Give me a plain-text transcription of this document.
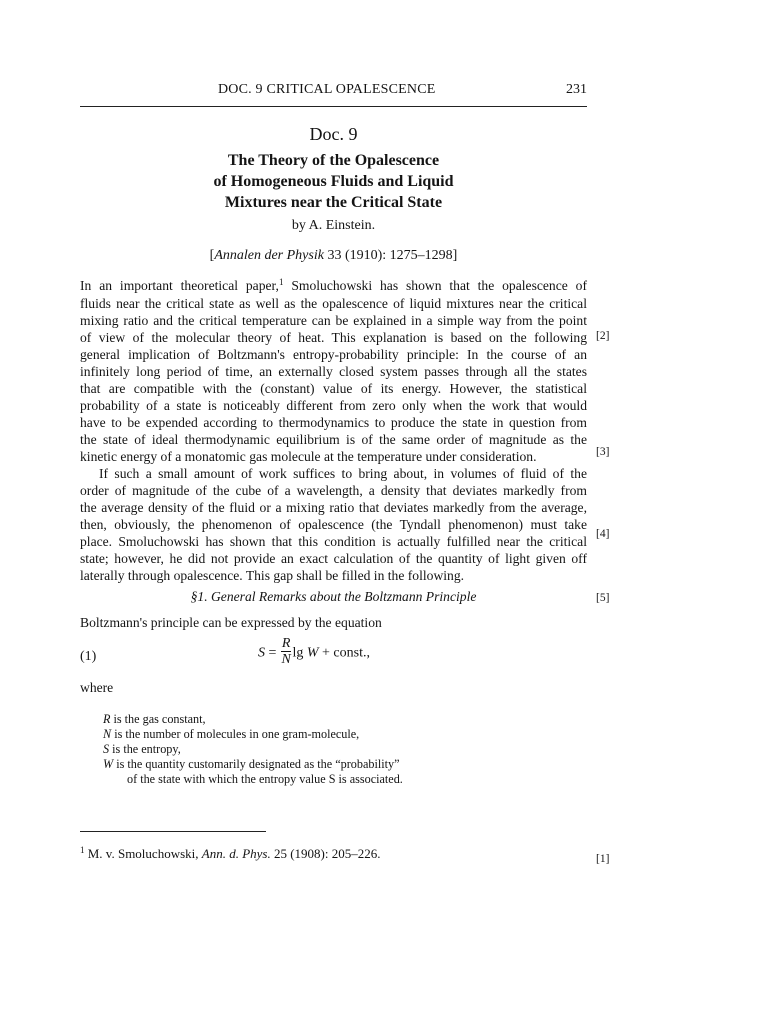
DOC. 9 CRITICAL OPALESCENCE	231
Doc. 9
The Theory of the Opalescence
of Homogeneous Fluids and Liquid
Mixtures near the Critical State
by A. Einstein.
[Annalen der Physik 33 (1910): 1275–1298]
In an important theoretical paper,$^1$ Smoluchowski has shown that the opalescence of
fluids near the critical state as well as the opalescence of liquid mixtures near the critical
mixing ratio and the critical temperature can be explained in a simple way from the point
of view of the molecular theory of heat. This explanation is based on the following
general implication of Boltzmann's entropy-probability principle: In the course of an
infinitely long period of time, an externally closed system passes through all the states
that are compatible with the (constant) value of its energy. However, the statistical
probability of a state is noticeably different from zero only when the work that would
have to be expended according to thermodynamics to produce the state in question from
the state of ideal thermodynamic equilibrium is of the same order of magnitude as the
kinetic energy of a monatomic gas molecule at the temperature under consideration.
If such a small amount of work suffices to bring about, in volumes of fluid of the
order of magnitude of the cube of a wavelength, a density that deviates markedly from
the average density of the fluid or a mixing ratio that deviates markedly from the average,
then, obviously, the phenomenon of opalescence (the Tyndall phenomenon) must take
place. Smoluchowski has shown that this condition is actually fulfilled near the critical
state; however, he did not provide an exact calculation of the quantity of light given off
laterally through opalescence. This gap shall be filled in the following.
[2]
[3]
[4]
[5]
[1]
§1. General Remarks about the Boltzmann Principle
Boltzmann's principle can be expressed by the equation
(1)	$S = \frac{R}{N}$ lg W + const.,
where
R is the gas constant,
N is the number of molecules in one gram-molecule,
S is the entropy,
W is the quantity customarily designated as the “probability”
of the state with which the entropy value S is associated.
$^1$ M. v. Smoluchowski, Ann. d. Phys. 25 (1908): 205–226.
